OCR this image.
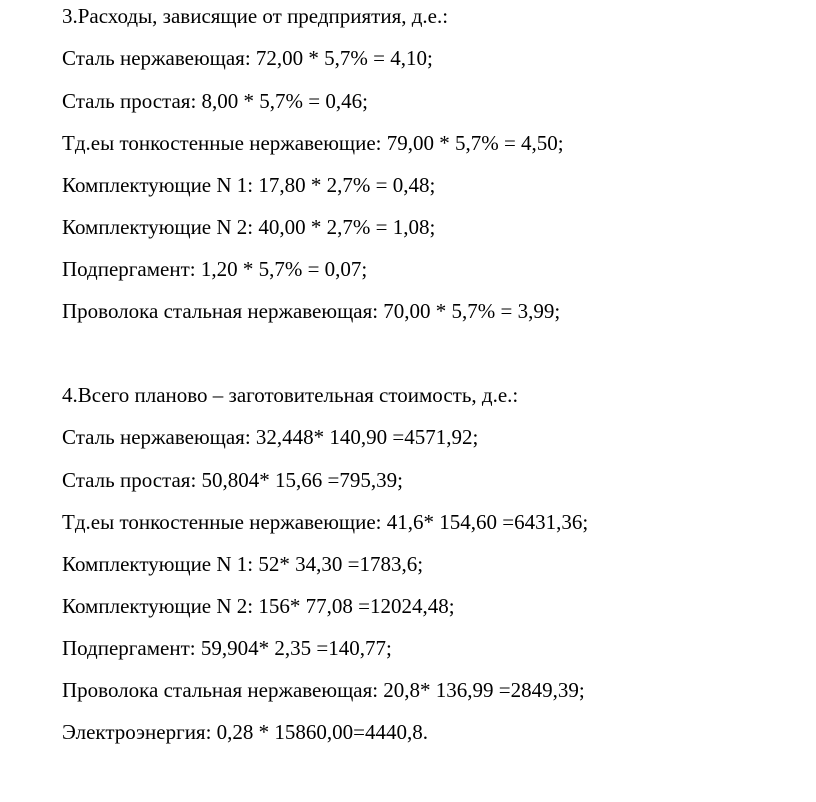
3.Расходы, зависящие от предприятия, д.е.:

Сталь нержавеющая: 72,00 * 5,7% = 4,10;

Сталь простая: 8,00 * 5,7% = 0,46;

Тд.еы тонкостенные нержавеющие: 79,00 * 5,7% = 4,50;

Комплектующие N 1: 17,80 * 2,7% = 0,48;

Комплектующие N 2: 40,00 * 2,7% = 1,08;

Подпергамент: 1,20 * 5,7% = 0,07;

Проволока стальная нержавеющая: 70,00 * 5,7% = 3,99;

4.Всего планово – заготовительная стоимость, д.е.:

Сталь нержавеющая: 32,448* 140,90 =4571,92;

Сталь простая: 50,804* 15,66 =795,39;

Тд.еы тонкостенные нержавеющие: 41,6* 154,60 =6431,36;

Комплектующие N 1: 52* 34,30 =1783,6;

Комплектующие N 2: 156* 77,08 =12024,48;

Подпергамент: 59,904* 2,35 =140,77;

Проволока стальная нержавеющая: 20,8* 136,99 =2849,39;

Электроэнергия: 0,28 * 15860,00=4440,8.
